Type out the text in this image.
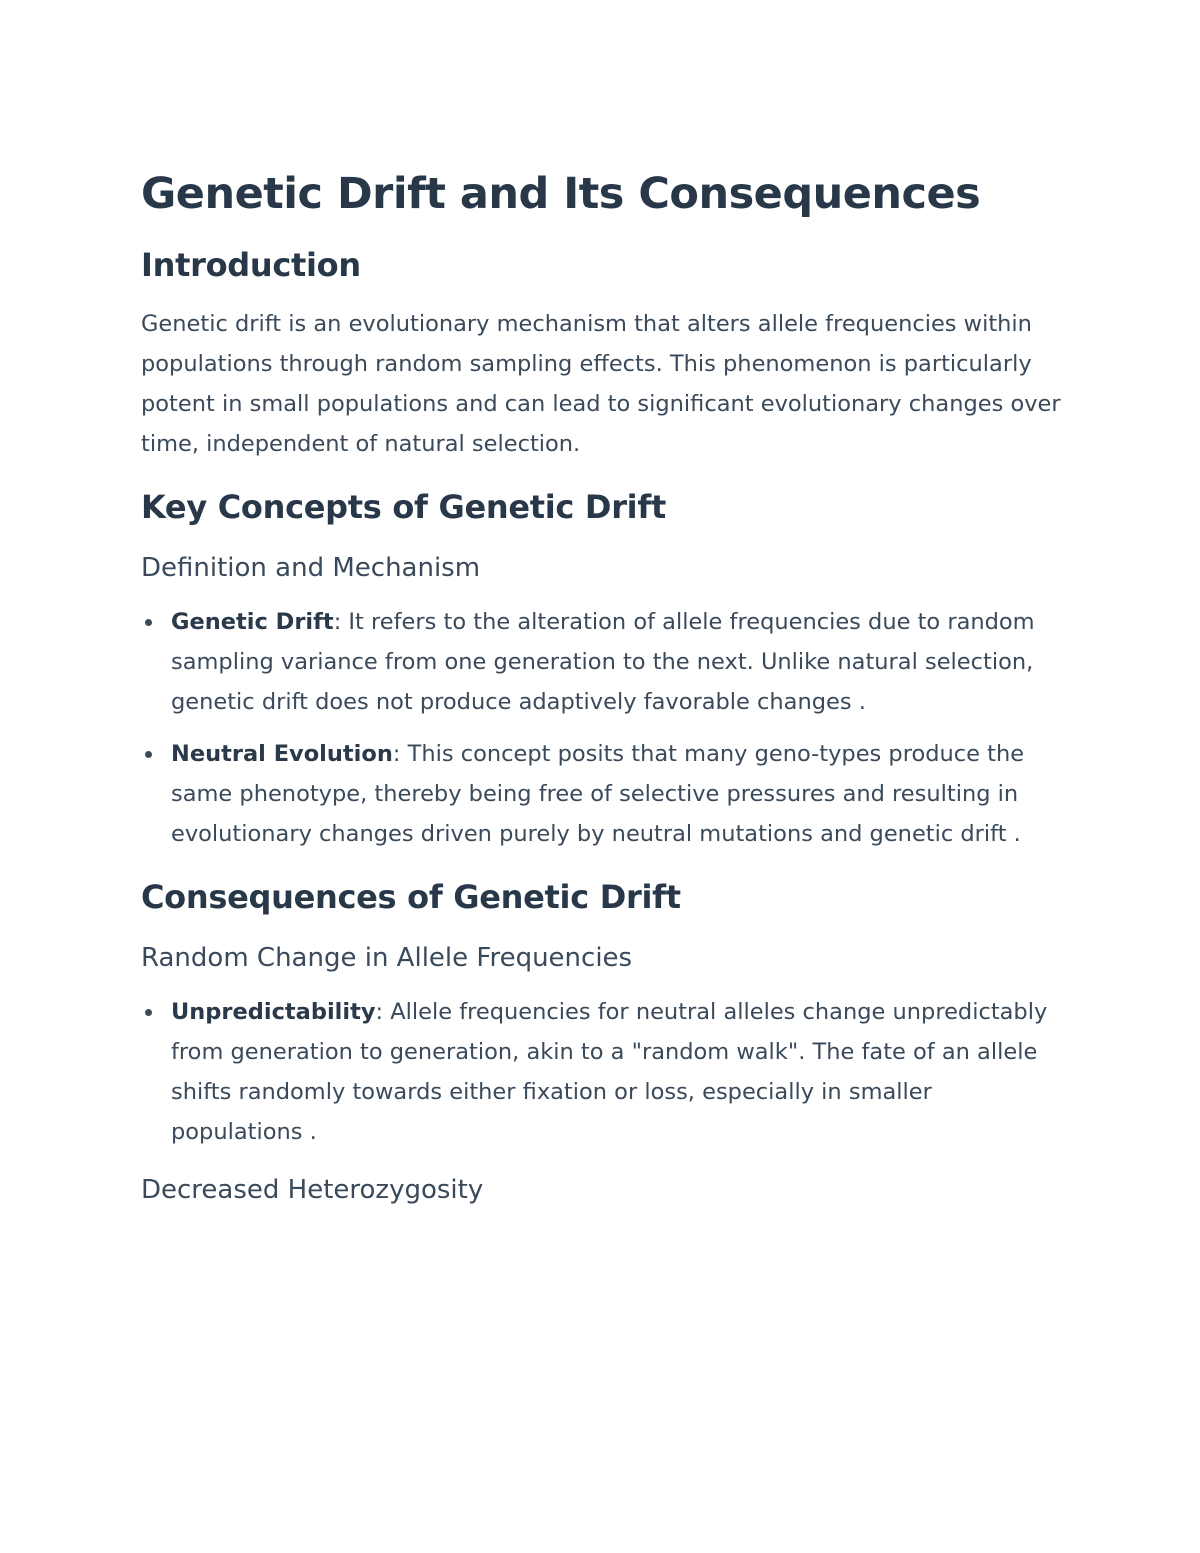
Genetic Drift and Its Consequences
Introduction

Genetic drift is an evolutionary mechanism that alters allele frequencies within populations through random sampling effects. This phenomenon is particularly potent in small populations and can lead to significant evolutionary changes over time, independent of natural selection.

Key Concepts of Genetic Drift
Definition and Mechanism
Genetic Drift: It refers to the alteration of allele frequencies due to random sampling variance from one generation to the next. Unlike natural selection, genetic drift does not produce adaptively favorable changes .
Neutral Evolution: This concept posits that many geno-types produce the same phenotype, thereby being free of selective pressures and resulting in evolutionary changes driven purely by neutral mutations and genetic drift .
Consequences of Genetic Drift
Random Change in Allele Frequencies
Unpredictability: Allele frequencies for neutral alleles change unpredictably from generation to generation, akin to a "random walk". The fate of an allele shifts randomly towards either fixation or loss, especially in smaller populations .
Decreased Heterozygosity
